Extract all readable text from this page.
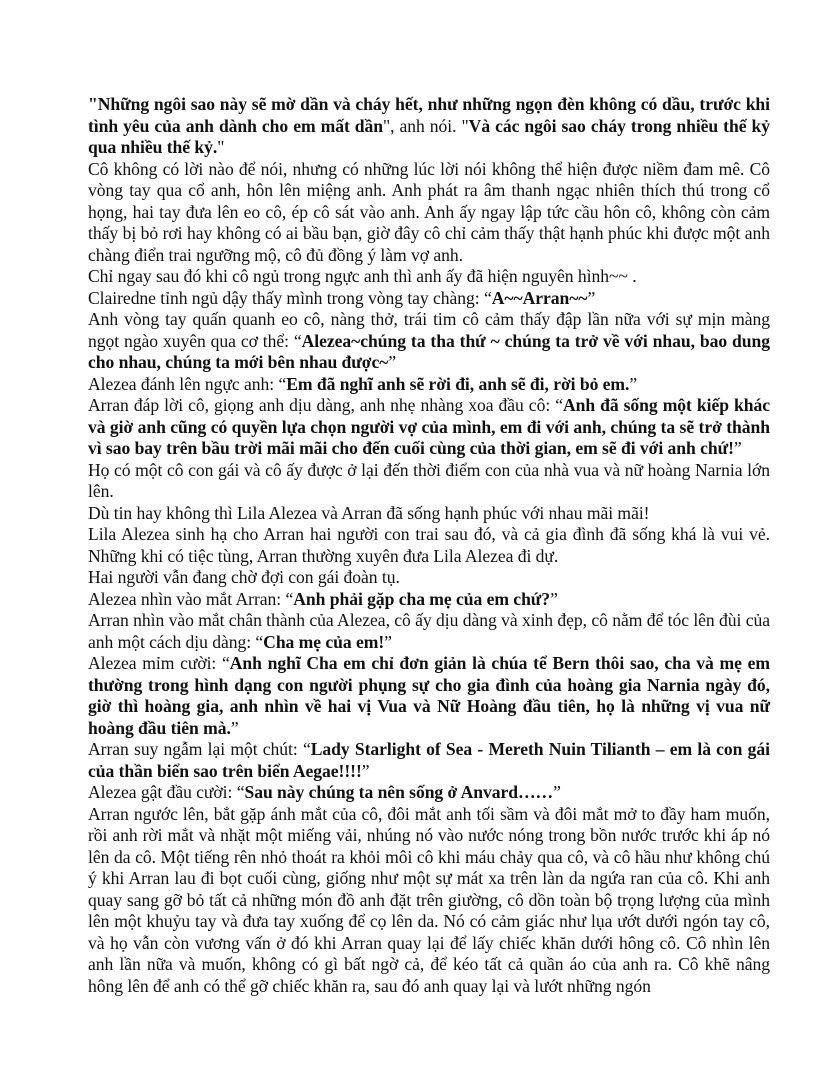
"Những ngôi sao này sẽ mờ dần và cháy hết, như những ngọn đèn không có dầu, trước khi tình yêu của anh dành cho em mất dần", anh nói. "Và các ngôi sao cháy trong nhiều thế kỷ qua nhiều thế kỷ."

Cô không có lời nào để nói, nhưng có những lúc lời nói không thể hiện được niềm đam mê. Cô vòng tay qua cổ anh, hôn lên miệng anh. Anh phát ra âm thanh ngạc nhiên thích thú trong cổ họng, hai tay đưa lên eo cô, ép cô sát vào anh. Anh ấy ngay lập tức cầu hôn cô, không còn cảm thấy bị bỏ rơi hay không có ai bầu bạn, giờ đây cô chỉ cảm thấy thật hạnh phúc khi được một anh chàng điển trai ngưỡng mộ, cô đủ đồng ý làm vợ anh.

Chỉ ngay sau đó khi cô ngủ trong ngực anh thì anh ấy đã hiện nguyên hình~~ .

Clairedne tỉnh ngủ dậy thấy mình trong vòng tay chàng: “A~~Arran~~”

Anh vòng tay quấn quanh eo cô, nàng thở, trái tim cô cảm thấy đập lần nữa với sự mịn màng ngọt ngào xuyên qua cơ thể: “Alezea~chúng ta tha thứ ~ chúng ta trở về với nhau, bao dung cho nhau, chúng ta mới bên nhau được~”

Alezea đánh lên ngực anh: “Em đã nghĩ anh sẽ rời đi, anh sẽ đi, rời bỏ em.”

Arran đáp lời cô, giọng anh dịu dàng, anh nhẹ nhàng xoa đầu cô: “Anh đã sống một kiếp khác và giờ anh cũng có quyền lựa chọn người vợ của mình, em đi với anh, chúng ta sẽ trở thành vì sao bay trên bầu trời mãi mãi cho đến cuối cùng của thời gian, em sẽ đi với anh chứ!”

Họ có một cô con gái và cô ấy được ở lại đến thời điểm con của nhà vua và nữ hoàng Narnia lớn lên.

Dù tin hay không thì Lila Alezea và Arran đã sống hạnh phúc với nhau mãi mãi!

Lila Alezea sinh hạ cho Arran hai người con trai sau đó, và cả gia đình đã sống khá là vui vẻ. Những khi có tiệc tùng, Arran thường xuyên đưa Lila Alezea đi dự.

Hai người vẫn đang chờ đợi con gái đoàn tụ.

Alezea nhìn vào mắt Arran: “Anh phải gặp cha mẹ của em chứ?”

Arran nhìn vào mắt chân thành của Alezea, cô ấy dịu dàng và xinh đẹp, cô nằm để tóc lên đùi của anh một cách dịu dàng: “Cha mẹ của em!”

Alezea mỉm cười: “Anh nghĩ Cha em chỉ đơn giản là chúa tể Bern thôi sao, cha và mẹ em thường trong hình dạng con người phụng sự cho gia đình của hoàng gia Narnia ngày đó, giờ thì hoàng gia, anh nhìn về hai vị Vua và Nữ Hoàng đầu tiên, họ là những vị vua nữ hoàng đầu tiên mà.”

Arran suy ngẫm lại một chút: “Lady Starlight of Sea - Mereth Nuin Tilianth – em là con gái của thần biển sao trên biển Aegae!!!!”

Alezea gật đầu cười: “Sau này chúng ta nên sống ở Anvard……”

Arran ngước lên, bắt gặp ánh mắt của cô, đôi mắt anh tối sầm và đôi mắt mở to đầy ham muốn, rồi anh rời mắt và nhặt một miếng vải, nhúng nó vào nước nóng trong bồn nước trước khi áp nó lên da cô. Một tiếng rên nhỏ thoát ra khỏi môi cô khi máu chảy qua cô, và cô hầu như không chú ý khi Arran lau đi bọt cuối cùng, giống như một sự mát xa trên làn da ngứa ran của cô. Khi anh quay sang gỡ bỏ tất cả những món đồ anh đặt trên giường, cô dồn toàn bộ trọng lượng của mình lên một khuỷu tay và đưa tay xuống để cọ lên da. Nó có cảm giác như lụa ướt dưới ngón tay cô, và họ vẫn còn vương vấn ở đó khi Arran quay lại để lấy chiếc khăn dưới hông cô. Cô nhìn lên anh lần nữa và muốn, không có gì bất ngờ cả, để kéo tất cả quần áo của anh ra. Cô khẽ nâng hông lên để anh có thể gỡ chiếc khăn ra, sau đó anh quay lại và lướt những ngón
